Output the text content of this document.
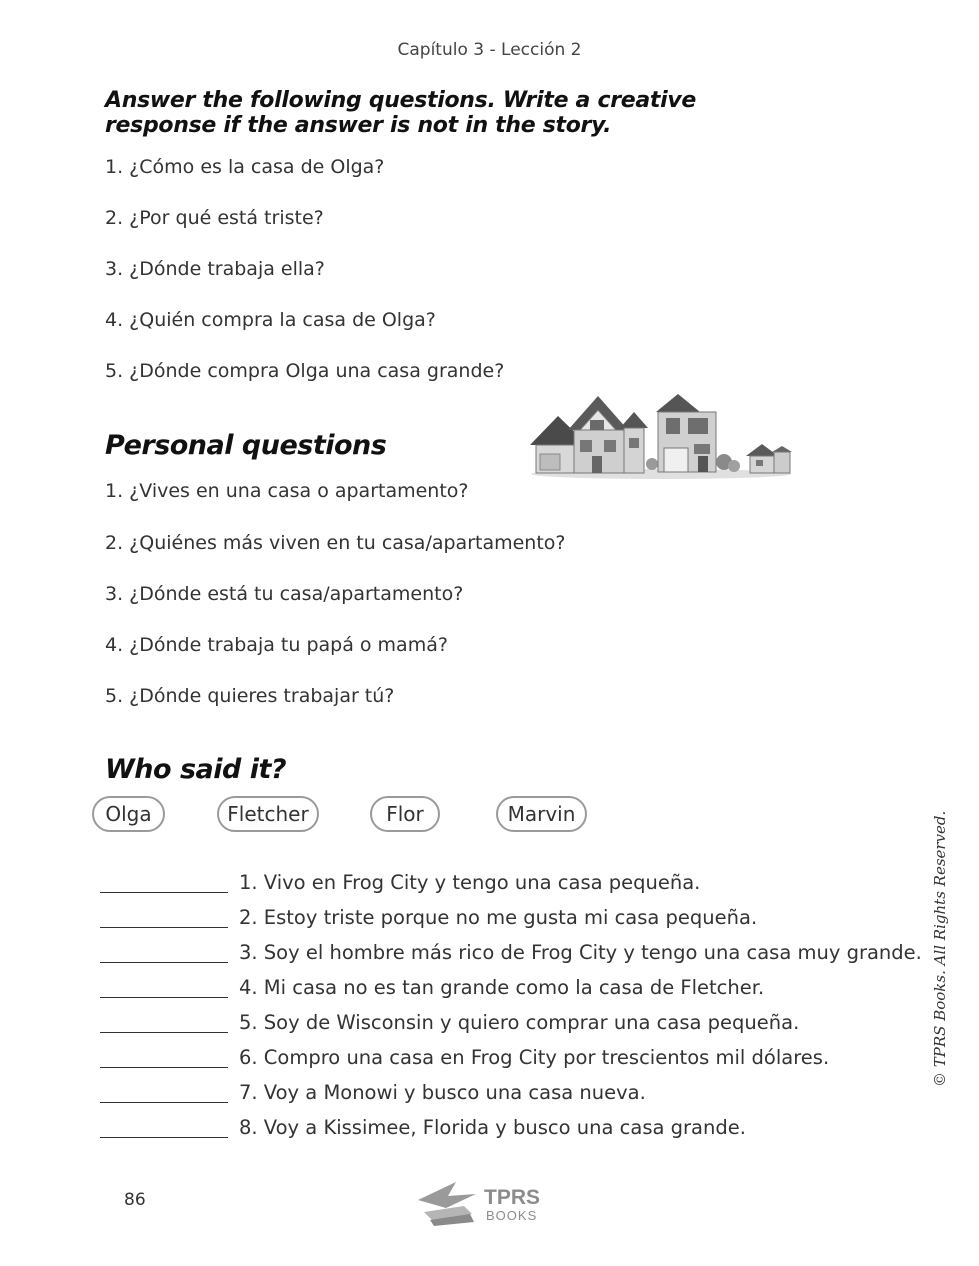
Capítulo 3 - Lección 2
Answer the following questions. Write a creative
response if the answer is not in the story.
1. ¿Cómo es la casa de Olga?
2. ¿Por qué está triste?
3. ¿Dónde trabaja ella?
4. ¿Quién compra la casa de Olga?
5. ¿Dónde compra Olga una casa grande?
Personal questions
1. ¿Vives en una casa o apartamento?
2. ¿Quiénes más viven en tu casa/apartamento?
3. ¿Dónde está tu casa/apartamento?
4. ¿Dónde trabaja tu papá o mamá?
5. ¿Dónde quieres trabajar tú?
Who said it?
Olga	Fletcher	Flor	Marvin
1. Vivo en Frog City y tengo una casa pequeña.
2. Estoy triste porque no me gusta mi casa pequeña.
3. Soy el hombre más rico de Frog City y tengo una casa muy grande.
4. Mi casa no es tan grande como la casa de Fletcher.
5. Soy de Wisconsin y quiero comprar una casa pequeña.
6. Compro una casa en Frog City por trescientos mil dólares.
7. Voy a Monowi y busco una casa nueva.
8. Voy a Kissimee, Florida y busco una casa grande.
© TPRS Books. All Rights Reserved.
86	TPRS
BOOKS
